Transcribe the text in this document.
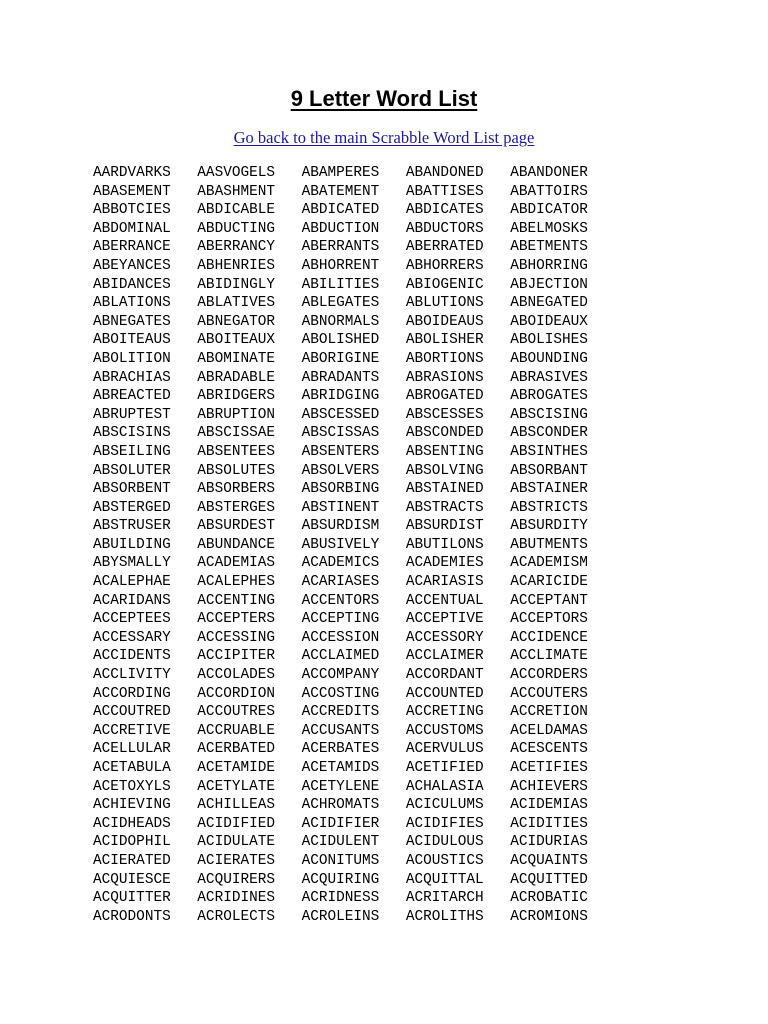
9 Letter Word List
Go back to the main Scrabble Word List page
AARDVARKS	AASVOGELS	ABAMPERES	ABANDONED	ABANDONER
ABASEMENT	ABASHMENT	ABATEMENT	ABATTISES	ABATTOIRS
ABBOTCIES	ABDICABLE	ABDICATED	ABDICATES	ABDICATOR
ABDOMINAL	ABDUCTING	ABDUCTION	ABDUCTORS	ABELMOSKS
ABERRANCE	ABERRANCY	ABERRANTS	ABERRATED	ABETMENTS
ABEYANCES	ABHENRIES	ABHORRENT	ABHORRERS	ABHORRING
ABIDANCES	ABIDINGLY	ABILITIES	ABIOGENIC	ABJECTION
ABLATIONS	ABLATIVES	ABLEGATES	ABLUTIONS	ABNEGATED
ABNEGATES	ABNEGATOR	ABNORMALS	ABOIDEAUS	ABOIDEAUX
ABOITEAUS	ABOITEAUX	ABOLISHED	ABOLISHER	ABOLISHES
ABOLITION	ABOMINATE	ABORIGINE	ABORTIONS	ABOUNDING
ABRACHIAS	ABRADABLE	ABRADANTS	ABRASIONS	ABRASIVES
ABREACTED	ABRIDGERS	ABRIDGING	ABROGATED	ABROGATES
ABRUPTEST	ABRUPTION	ABSCESSED	ABSCESSES	ABSCISING
ABSCISINS	ABSCISSAE	ABSCISSAS	ABSCONDED	ABSCONDER
ABSEILING	ABSENTEES	ABSENTERS	ABSENTING	ABSINTHES
ABSOLUTER	ABSOLUTES	ABSOLVERS	ABSOLVING	ABSORBANT
ABSORBENT	ABSORBERS	ABSORBING	ABSTAINED	ABSTAINER
ABSTERGED	ABSTERGES	ABSTINENT	ABSTRACTS	ABSTRICTS
ABSTRUSER	ABSURDEST	ABSURDISM	ABSURDIST	ABSURDITY
ABUILDING	ABUNDANCE	ABUSIVELY	ABUTILONS	ABUTMENTS
ABYSMALLY	ACADEMIAS	ACADEMICS	ACADEMIES	ACADEMISM
ACALEPHAE	ACALEPHES	ACARIASES	ACARIASIS	ACARICIDE
ACARIDANS	ACCENTING	ACCENTORS	ACCENTUAL	ACCEPTANT
ACCEPTEES	ACCEPTERS	ACCEPTING	ACCEPTIVE	ACCEPTORS
ACCESSARY	ACCESSING	ACCESSION	ACCESSORY	ACCIDENCE
ACCIDENTS	ACCIPITER	ACCLAIMED	ACCLAIMER	ACCLIMATE
ACCLIVITY	ACCOLADES	ACCOMPANY	ACCORDANT	ACCORDERS
ACCORDING	ACCORDION	ACCOSTING	ACCOUNTED	ACCOUTERS
ACCOUTRED	ACCOUTRES	ACCREDITS	ACCRETING	ACCRETION
ACCRETIVE	ACCRUABLE	ACCUSANTS	ACCUSTOMS	ACELDAMAS
ACELLULAR	ACERBATED	ACERBATES	ACERVULUS	ACESCENTS
ACETABULA	ACETAMIDE	ACETAMIDS	ACETIFIED	ACETIFIES
ACETOXYLS	ACETYLATE	ACETYLENE	ACHALASIA	ACHIEVERS
ACHIEVING	ACHILLEAS	ACHROMATS	ACICULUMS	ACIDEMIAS
ACIDHEADS	ACIDIFIED	ACIDIFIER	ACIDIFIES	ACIDITIES
ACIDOPHIL	ACIDULATE	ACIDULENT	ACIDULOUS	ACIDURIAS
ACIERATED	ACIERATES	ACONITUMS	ACOUSTICS	ACQUAINTS
ACQUIESCE	ACQUIRERS	ACQUIRING	ACQUITTAL	ACQUITTED
ACQUITTER	ACRIDINES	ACRIDNESS	ACRITARCH	ACROBATIC
ACRODONTS	ACROLECTS	ACROLEINS	ACROLITHS	ACROMIONS
